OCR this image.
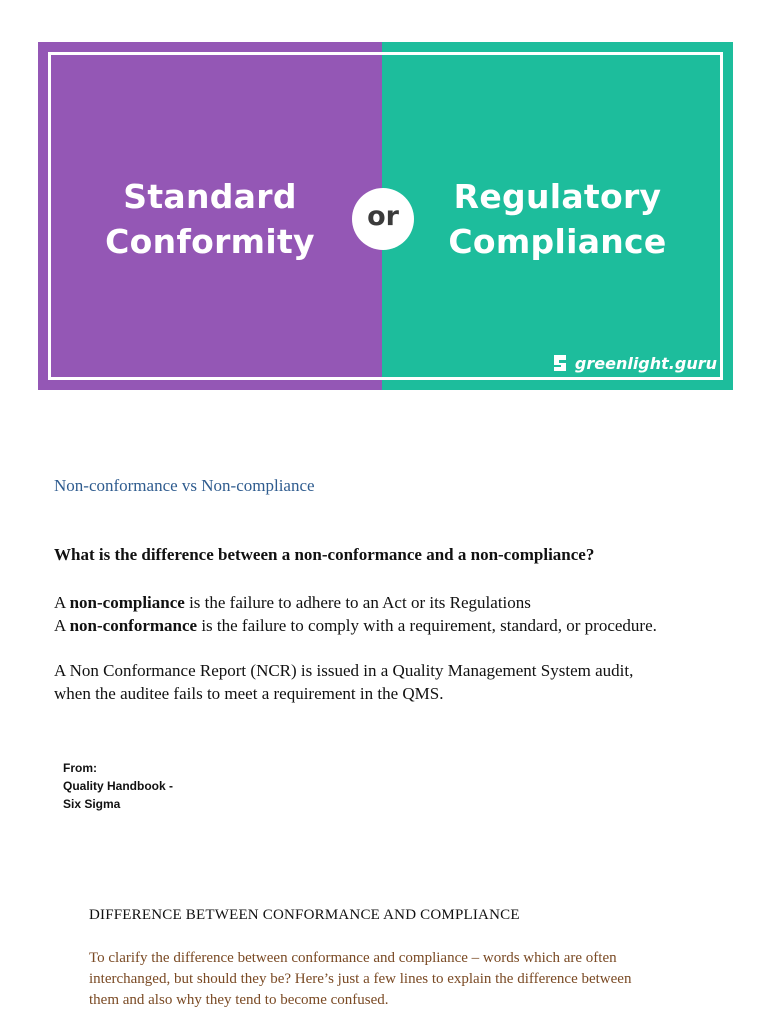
Standard
Conformity
Regulatory
Compliance
greenlight.guru
or
Non-conformance vs Non-compliance
What is the difference between a non-conformance and a non-compliance?
A non-compliance is the failure to adhere to an Act or its Regulations
A non-conformance is the failure to comply with a requirement, standard, or procedure.
A Non Conformance Report (NCR) is issued in a Quality Management System audit,
when the auditee fails to meet a requirement in the QMS.
From:
Quality Handbook -
Six Sigma
DIFFERENCE BETWEEN CONFORMANCE AND COMPLIANCE
To clarify the difference between conformance and compliance – words which are often
interchanged, but should they be? Here’s just a few lines to explain the difference between
them and also why they tend to become confused.
